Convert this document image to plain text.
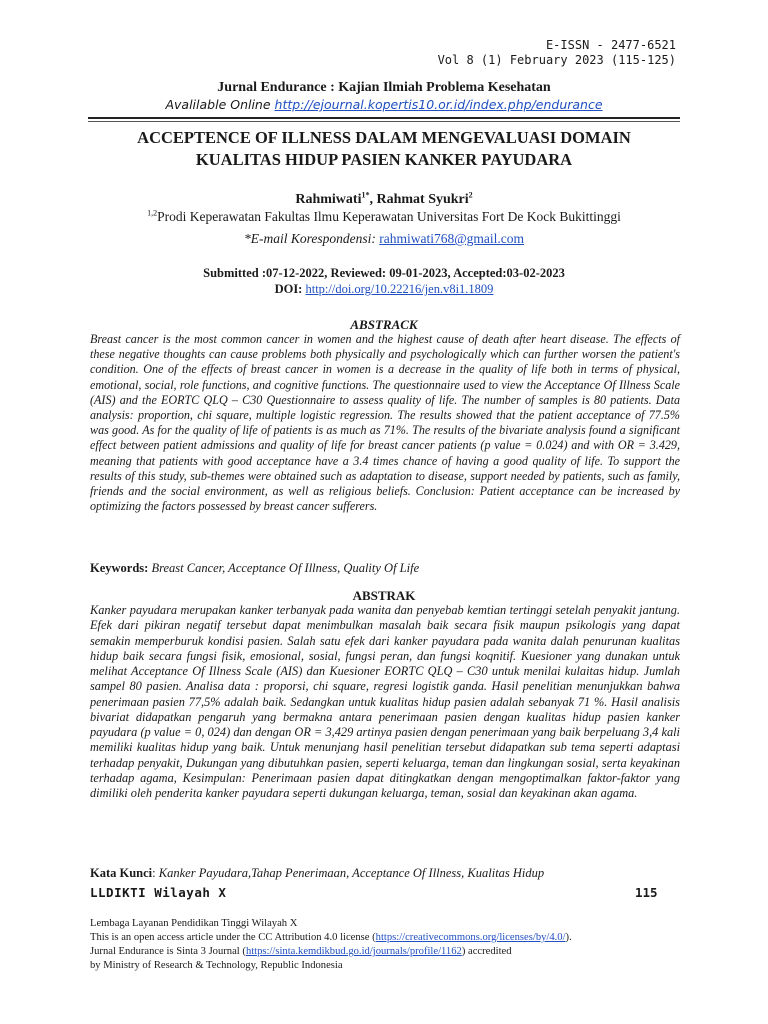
E-ISSN - 2477-6521
Vol 8 (1) February 2023 (115-125)
Jurnal Endurance : Kajian Ilmiah Problema Kesehatan
Avalilable Online http://ejournal.kopertis10.or.id/index.php/endurance
ACCEPTENCE OF ILLNESS DALAM MENGEVALUASI DOMAIN
KUALITAS HIDUP PASIEN KANKER PAYUDARA
Rahmiwati$^{1*}$, Rahmat Syukri$^2$
$^{1,2}$Prodi Keperawatan Fakultas Ilmu Keperawatan Universitas Fort De Kock Bukittinggi
*E-mail Korespondensi: rahmiwati768@gmail.com
Submitted :07-12-2022, Reviewed: 09-01-2023, Accepted:03-02-2023
DOI: http://doi.org/10.22216/jen.v8i1.1809
ABSTRACK
Breast cancer is the most common cancer in women and the highest cause of death after heart disease. The effects of these negative thoughts can cause problems both physically and psychologically which can further worsen the patient's condition. One of the effects of breast cancer in women is a decrease in the quality of life both in terms of physical, emotional, social, role functions, and cognitive functions. The questionnaire used to view the Acceptance Of Illness Scale (AIS) and the EORTC QLQ – C30 Questionnaire to assess quality of life. The number of samples is 80 patients. Data analysis: proportion, chi square, multiple logistic regression. The results showed that the patient acceptance of 77.5% was good. As for the quality of life of patients is as much as 71%. The results of the bivariate analysis found a significant effect between patient admissions and quality of life for breast cancer patients (p value = 0.024) and with OR = 3.429, meaning that patients with good acceptance have a 3.4 times chance of having a good quality of life. To support the results of this study, sub-themes were obtained such as adaptation to disease, support needed by patients, such as family, friends and the social environment, as well as religious beliefs. Conclusion: Patient acceptance can be increased by optimizing the factors possessed by breast cancer sufferers.
Keywords: Breast Cancer, Acceptance Of Illness, Quality Of Life
ABSTRAK
Kanker payudara merupakan kanker terbanyak pada wanita dan penyebab kemtian tertinggi setelah penyakit jantung. Efek dari pikiran negatif tersebut dapat menimbulkan masalah baik secara fisik maupun psikologis yang dapat semakin memperburuk kondisi pasien. Salah satu efek dari kanker payudara pada wanita dalah penurunan kualitas hidup baik secara fungsi fisik, emosional, sosial, fungsi peran, dan fungsi koqnitif. Kuesioner yang dunakan untuk melihat Acceptance Of Illness Scale (AIS) dan Kuesioner EORTC QLQ – C30 untuk menilai kulaitas hidup. Jumlah sampel 80 pasien. Analisa data : proporsi, chi square, regresi logistik ganda. Hasil penelitian menunjukkan bahwa penerimaan pasien 77,5% adalah baik. Sedangkan untuk kualitas hidup pasien adalah sebanyak 71 %. Hasil analisis bivariat didapatkan pengaruh yang bermakna antara penerimaan pasien dengan kualitas hidup pasien kanker payudara (p value = 0, 024) dan dengan OR = 3,429 artinya pasien dengan penerimaan yang baik berpeluang 3,4 kali memiliki kualitas hidup yang baik. Untuk menunjang hasil penelitian tersebut didapatkan sub tema seperti adaptasi terhadap penyakit, Dukungan yang dibutuhkan pasien, seperti keluarga, teman dan lingkungan sosial, serta keyakinan terhadap agama, Kesimpulan: Penerimaan pasien dapat ditingkatkan dengan mengoptimalkan faktor-faktor yang dimiliki oleh penderita kanker payudara seperti dukungan keluarga, teman, sosial dan keyakinan akan agama.
Kata Kunci: Kanker Payudara,Tahap Penerimaan, Acceptance Of Illness, Kualitas Hidup
LLDIKTI Wilayah X	115
Lembaga Layanan Pendidikan Tinggi Wilayah X
This is an open access article under the CC Attribution 4.0 license (https://creativecommons.org/licenses/by/4.0/).
Jurnal Endurance is Sinta 3 Journal (https://sinta.kemdikbud.go.id/journals/profile/1162) accredited
by Ministry of Research & Technology, Republic Indonesia
